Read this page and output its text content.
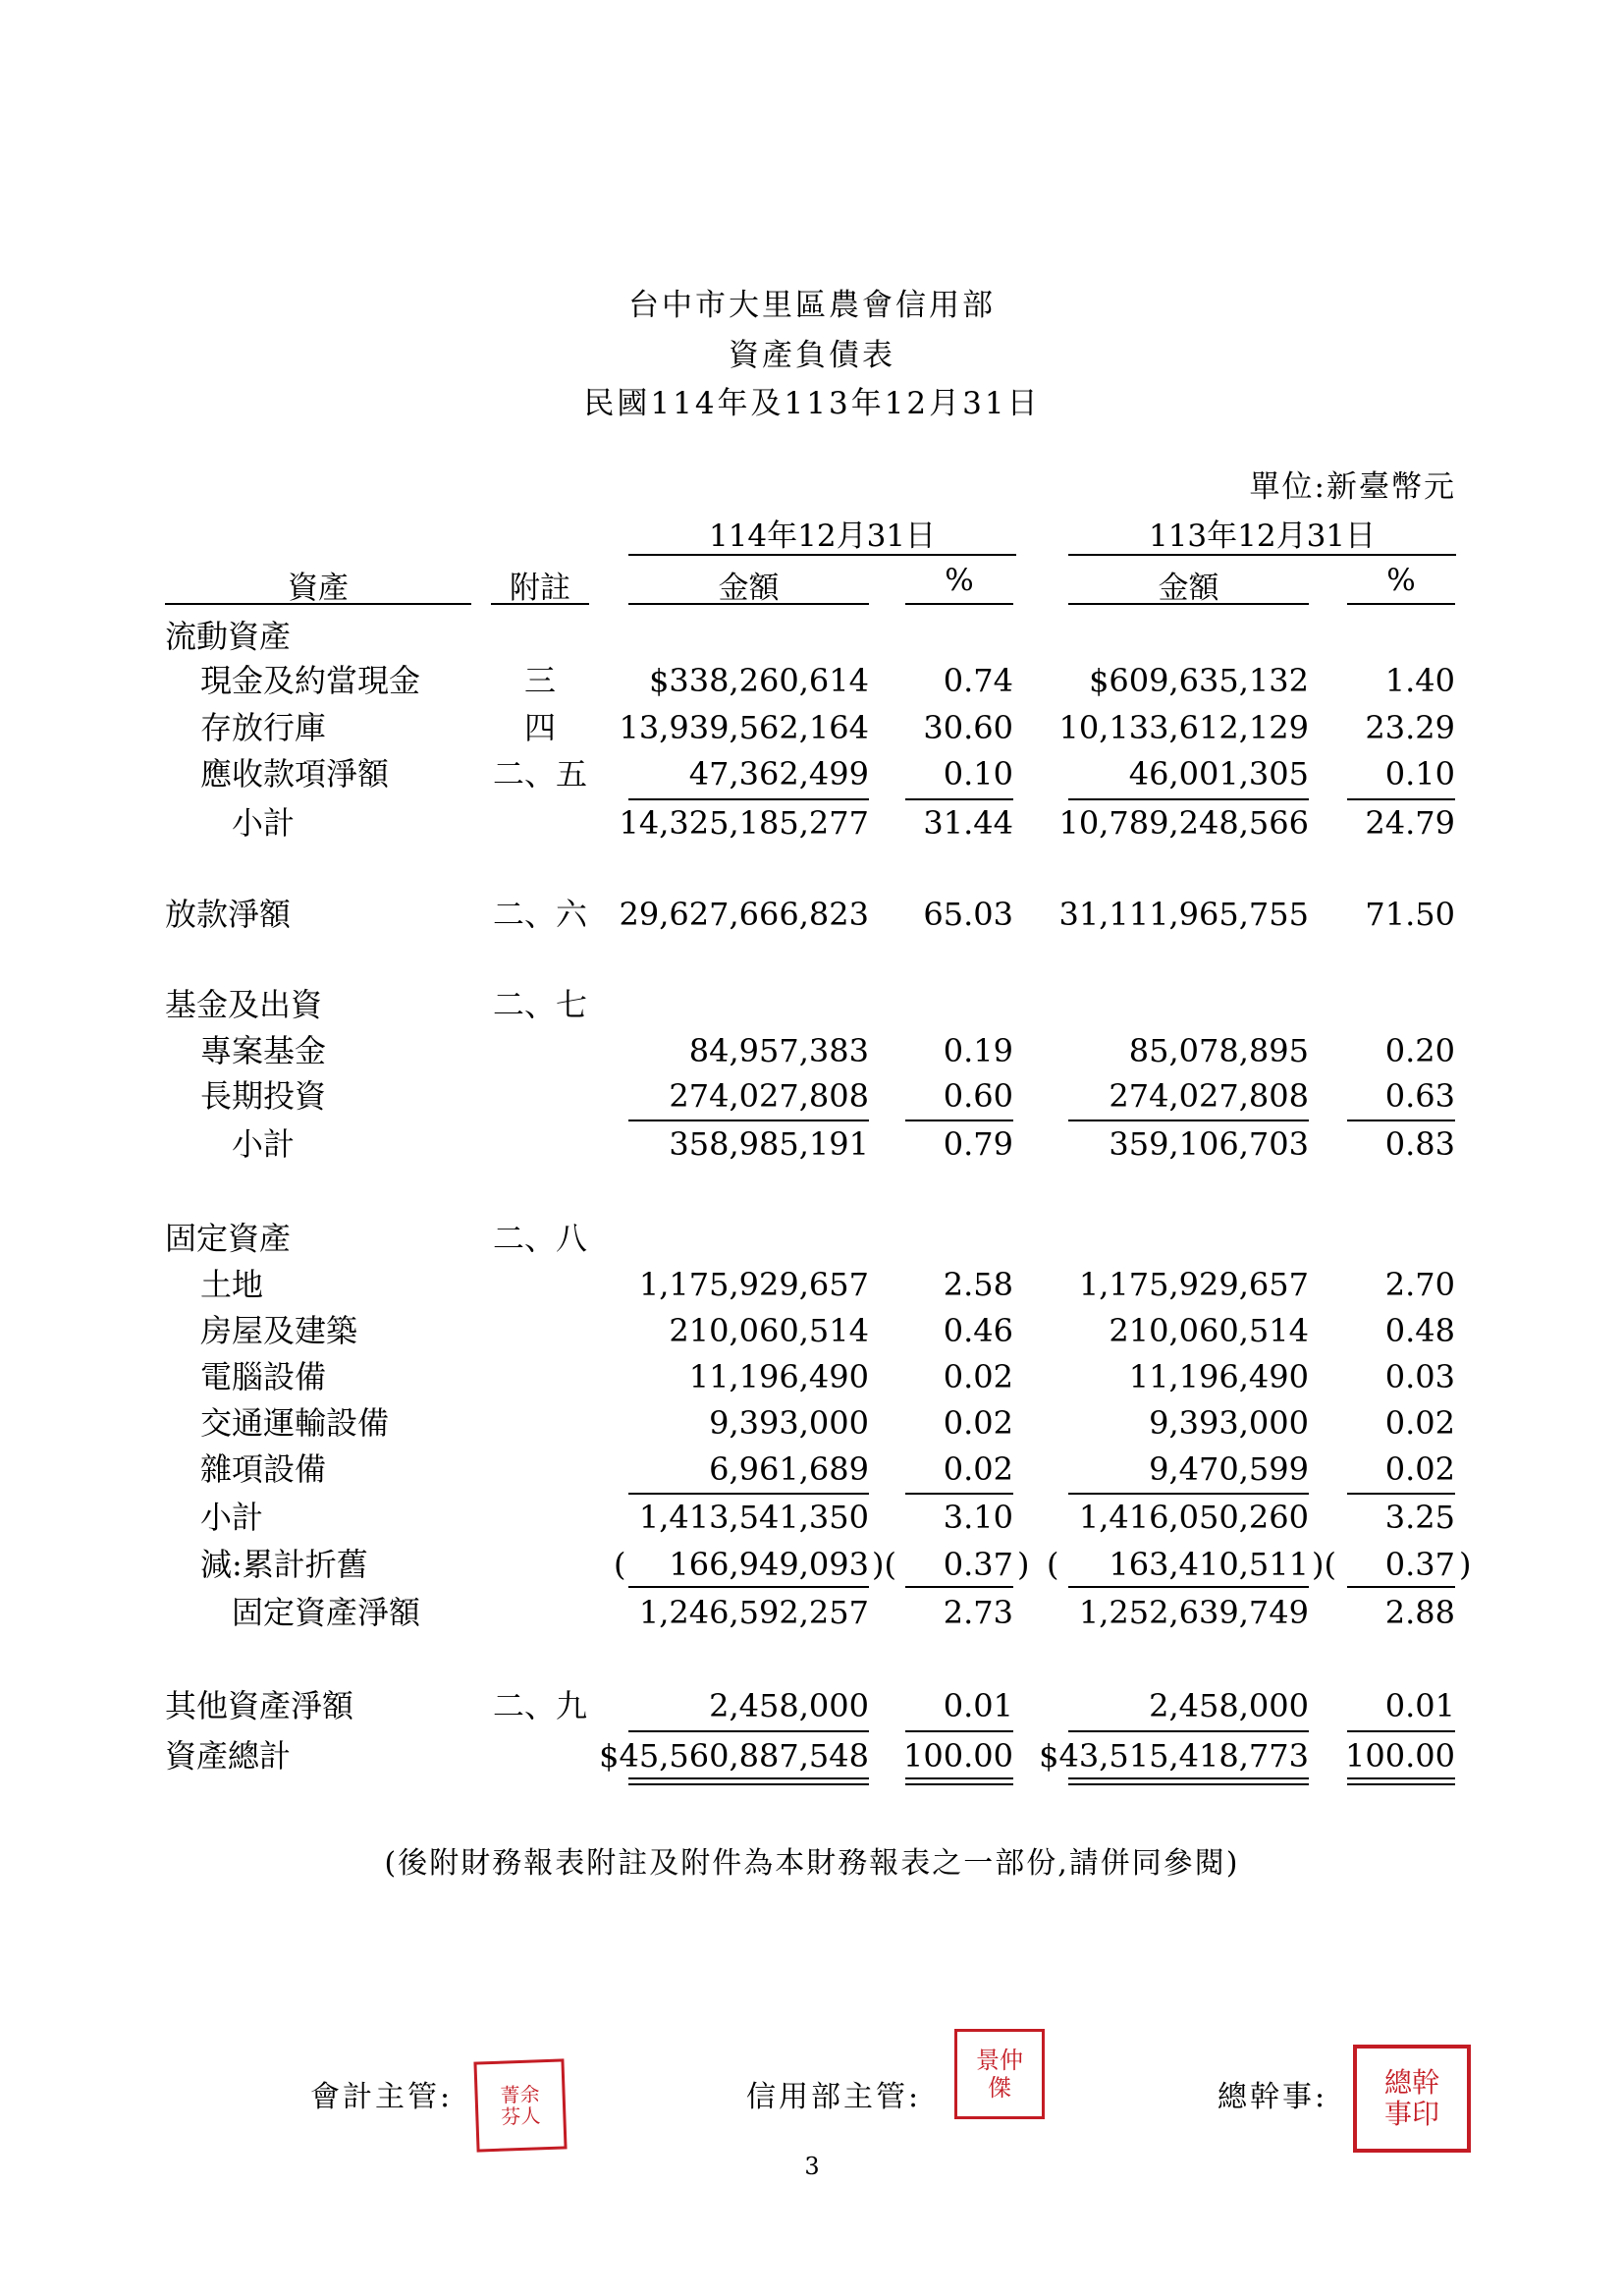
台中市大里區農會信用部
資產負債表
民國114年及113年12月31日
單位:新臺幣元
114年12月31日	113年12月31日
資產	附註	金額	%	金額	%
流動資產
現金及約當現金	三	$338,260,614	0.74	$609,635,132	1.40
存放行庫	四	13,939,562,164	30.60	10,133,612,129	23.29
應收款項淨額	二、五	47,362,499	0.10	46,001,305	0.10
小計	14,325,185,277	31.44	10,789,248,566	24.79
放款淨額	二、六	29,627,666,823	65.03	31,111,965,755	71.50
基金及出資	二、七
專案基金	84,957,383	0.19	85,078,895	0.20
長期投資	274,027,808	0.60	274,027,808	0.63
小計	358,985,191	0.79	359,106,703	0.83
固定資產	二、八
土地	1,175,929,657	2.58	1,175,929,657	2.70
房屋及建築	210,060,514	0.46	210,060,514	0.48
電腦設備	11,196,490	0.02	11,196,490	0.03
交通運輸設備	9,393,000	0.02	9,393,000	0.02
雜項設備	6,961,689	0.02	9,470,599	0.02
小計	1,413,541,350	3.10	1,416,050,260	3.25
減:累計折舊	166,949,093	0.37	163,410,511	0.37
固定資產淨額	1,246,592,257	2.73	1,252,639,749	2.88
其他資產淨額	二、九	2,458,000	0.01	2,458,000	0.01
資產總計	$45,560,887,548 100.00 $43,515,418,773 100.00
(	)(	) (	)(	)
(後附財務報表附註及附件為本財務報表之一部份,請併同參閱)
會計主管:	菁余
芬人
信用部主管:
景仲
傑	總幹事:	總幹
事印
3
